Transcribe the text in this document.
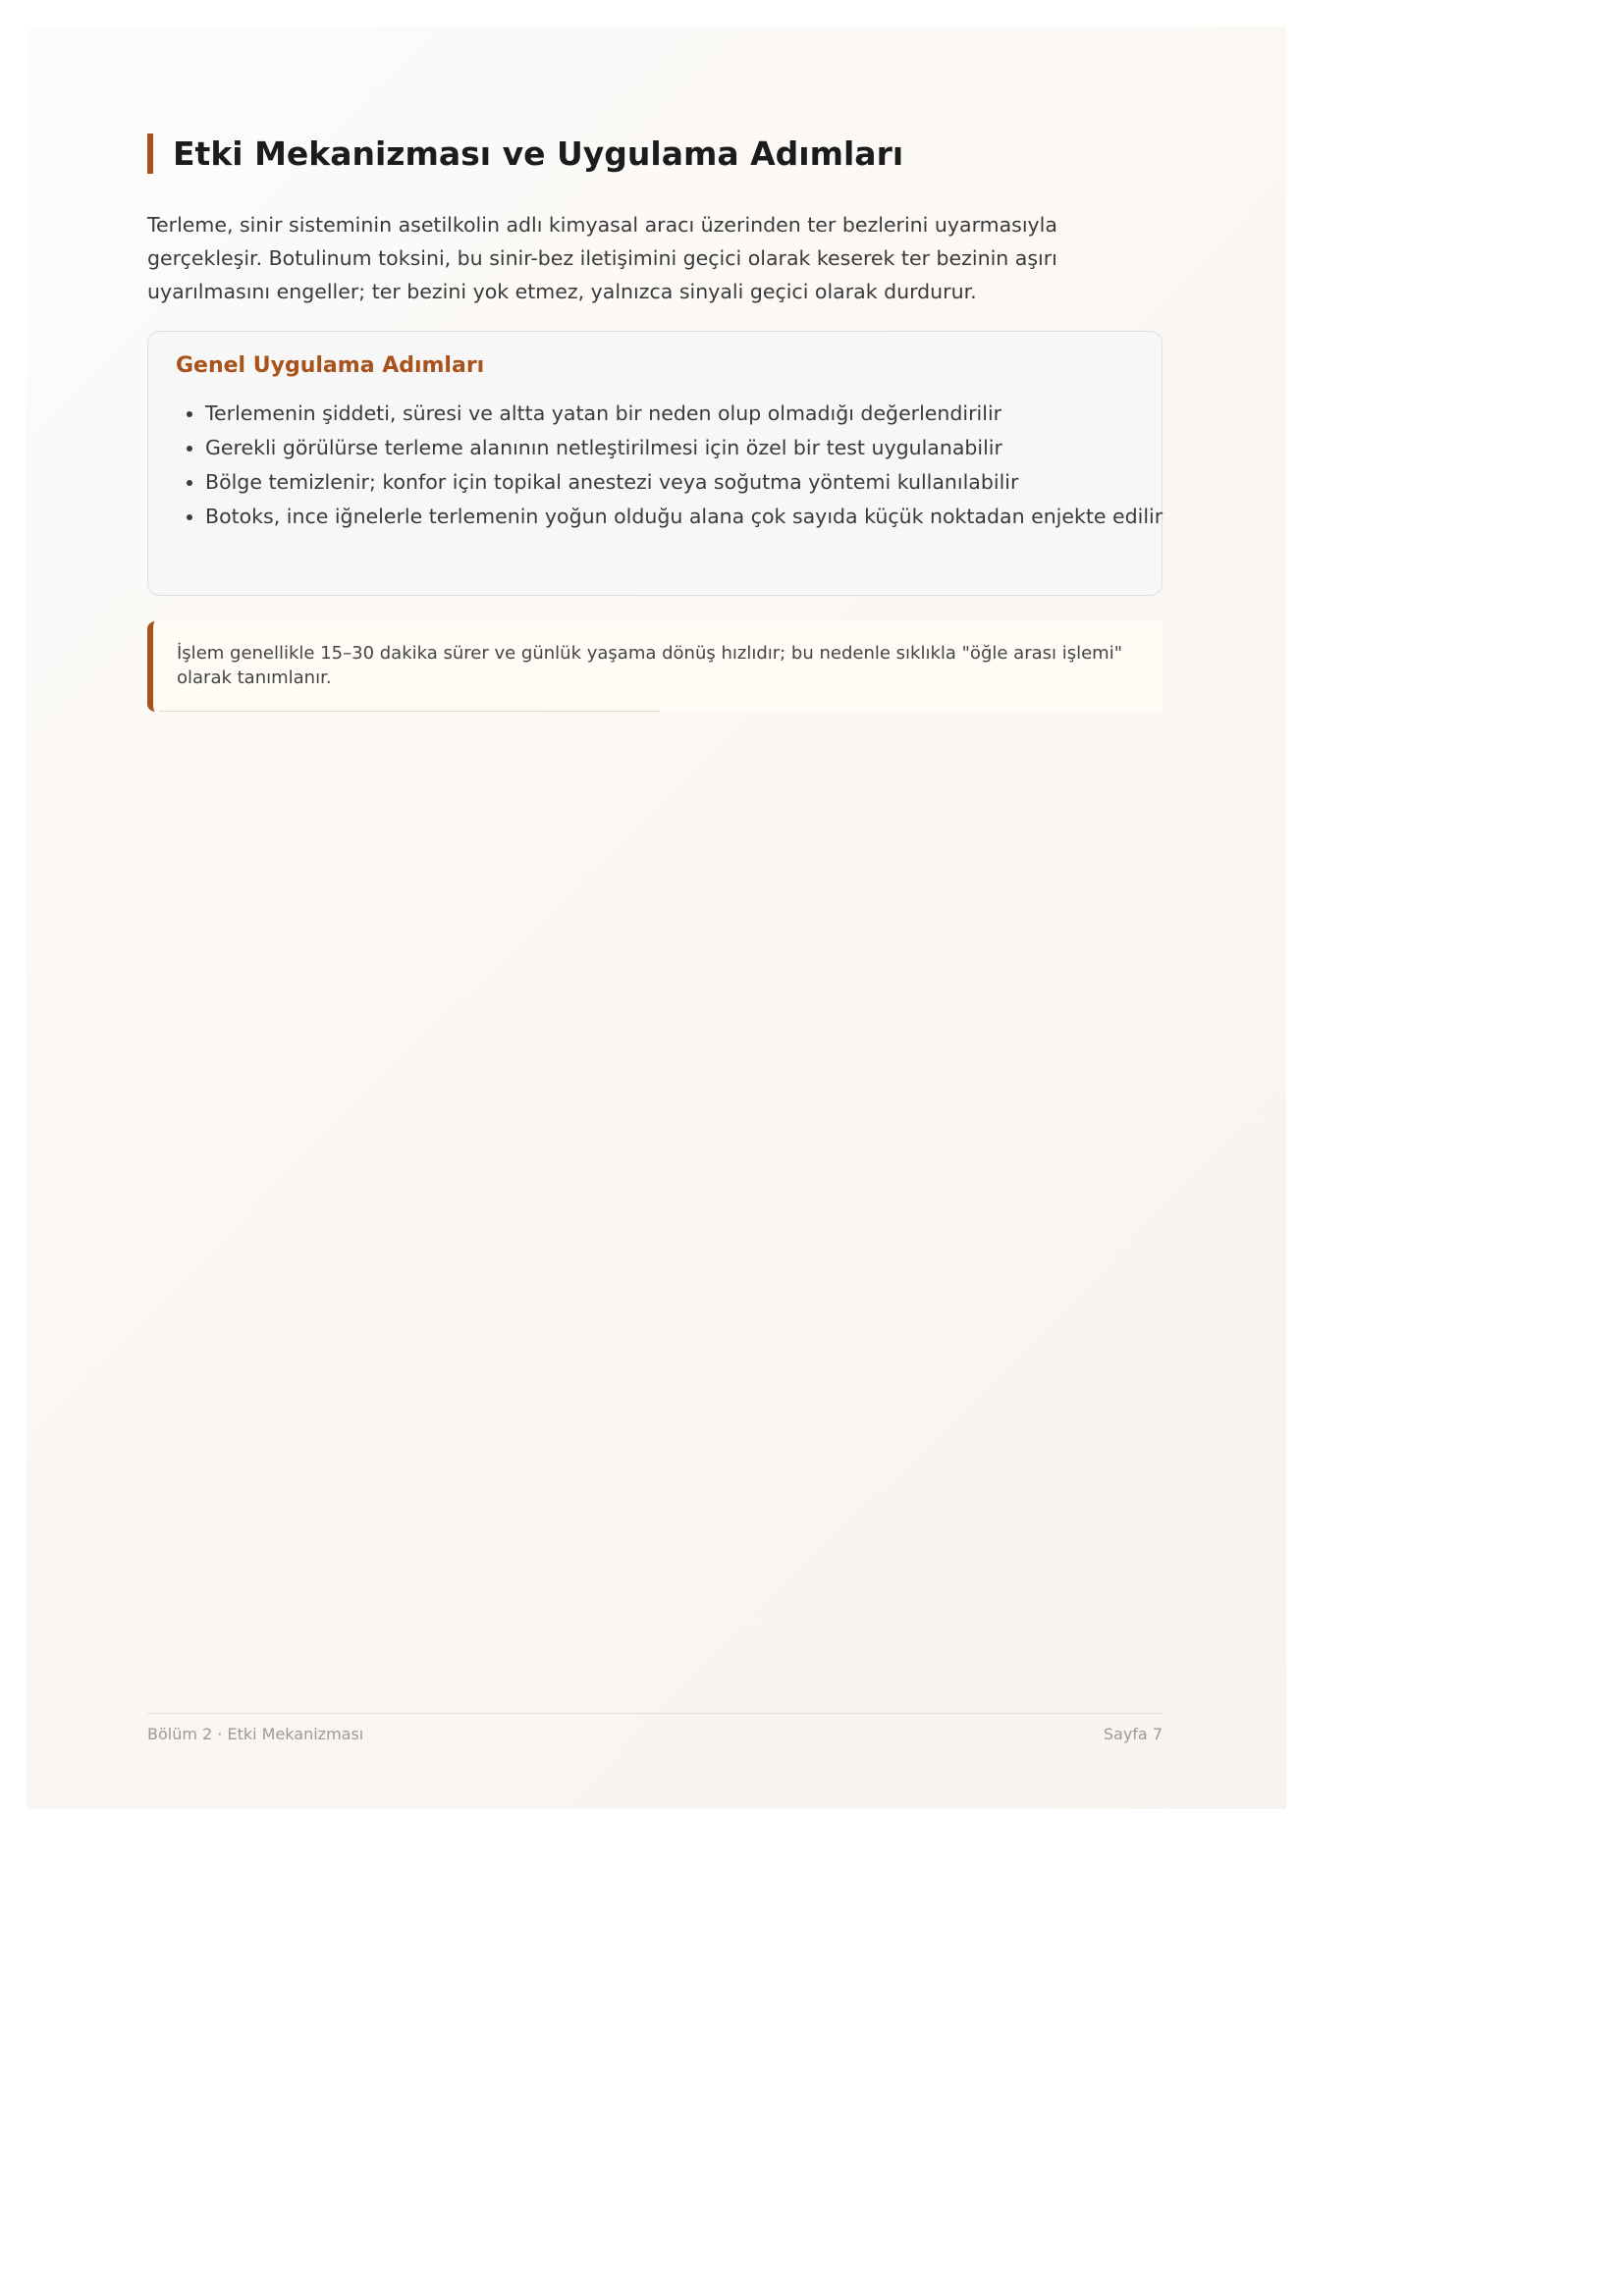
Etki Mekanizması ve Uygulama Adımları

Terleme, sinir sisteminin asetilkolin adlı kimyasal aracı üzerinden ter bezlerini uyarmasıyla gerçekleşir. Botulinum toksini, bu sinir-bez iletişimini geçici olarak keserek ter bezinin aşırı uyarılmasını engeller; ter bezini yok etmez, yalnızca sinyali geçici olarak durdurur.

Genel Uygulama Adımları
• Terlemenin şiddeti, süresi ve altta yatan bir neden olup olmadığı değerlendirilir
• Gerekli görülürse terleme alanının netleştirilmesi için özel bir test uygulanabilir
• Bölge temizlenir; konfor için topikal anestezi veya soğutma yöntemi kullanılabilir
• Botoks, ince iğnelerle terlemenin yoğun olduğu alana çok sayıda küçük noktadan enjekte edilir
İşlem genellikle 15–30 dakika sürer ve günlük yaşama dönüş hızlıdır; bu nedenle sıklıkla "öğle arası işlemi" olarak tanımlanır.
Bölüm 2 · Etki Mekanizması	Sayfa 7
